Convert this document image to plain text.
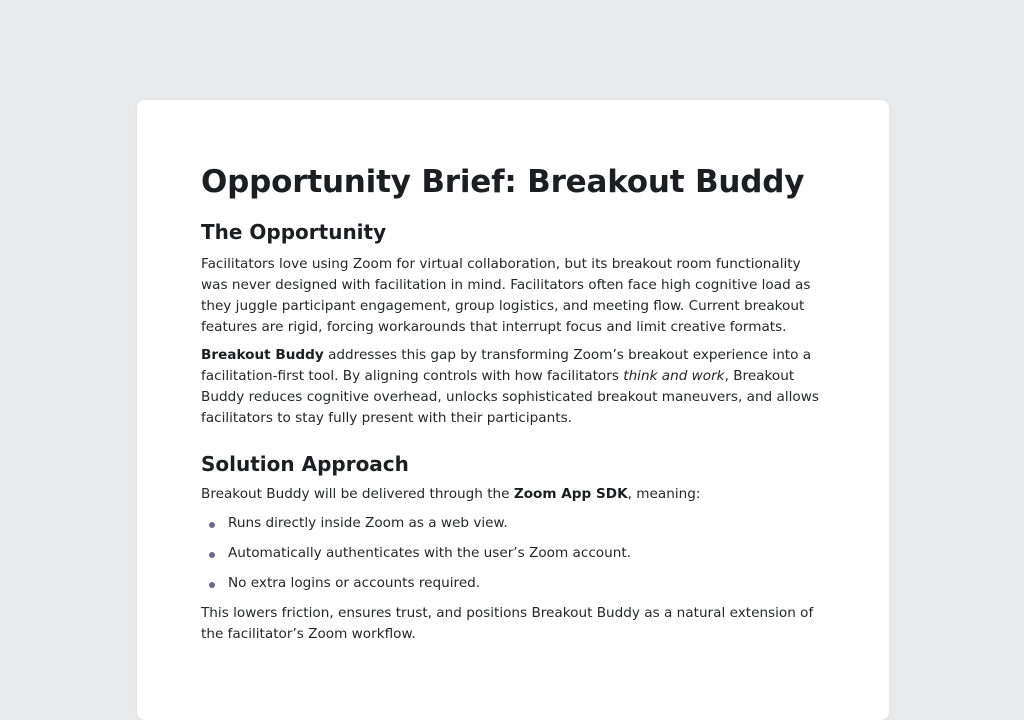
Opportunity Brief: Breakout Buddy
The Opportunity

Facilitators love using Zoom for virtual collaboration, but its breakout room functionality was never designed with facilitation in mind. Facilitators often face high cognitive load as they juggle participant engagement, group logistics, and meeting flow. Current breakout features are rigid, forcing workarounds that interrupt focus and limit creative formats.

Breakout Buddy addresses this gap by transforming Zoom’s breakout experience into a facilitation-first tool. By aligning controls with how facilitators think and work, Breakout Buddy reduces cognitive overhead, unlocks sophisticated breakout maneuvers, and allows facilitators to stay fully present with their participants.

Solution Approach

Breakout Buddy will be delivered through the Zoom App SDK, meaning:

Runs directly inside Zoom as a web view.
Automatically authenticates with the user’s Zoom account.
No extra logins or accounts required.

This lowers friction, ensures trust, and positions Breakout Buddy as a natural extension of the facilitator’s Zoom workflow.
